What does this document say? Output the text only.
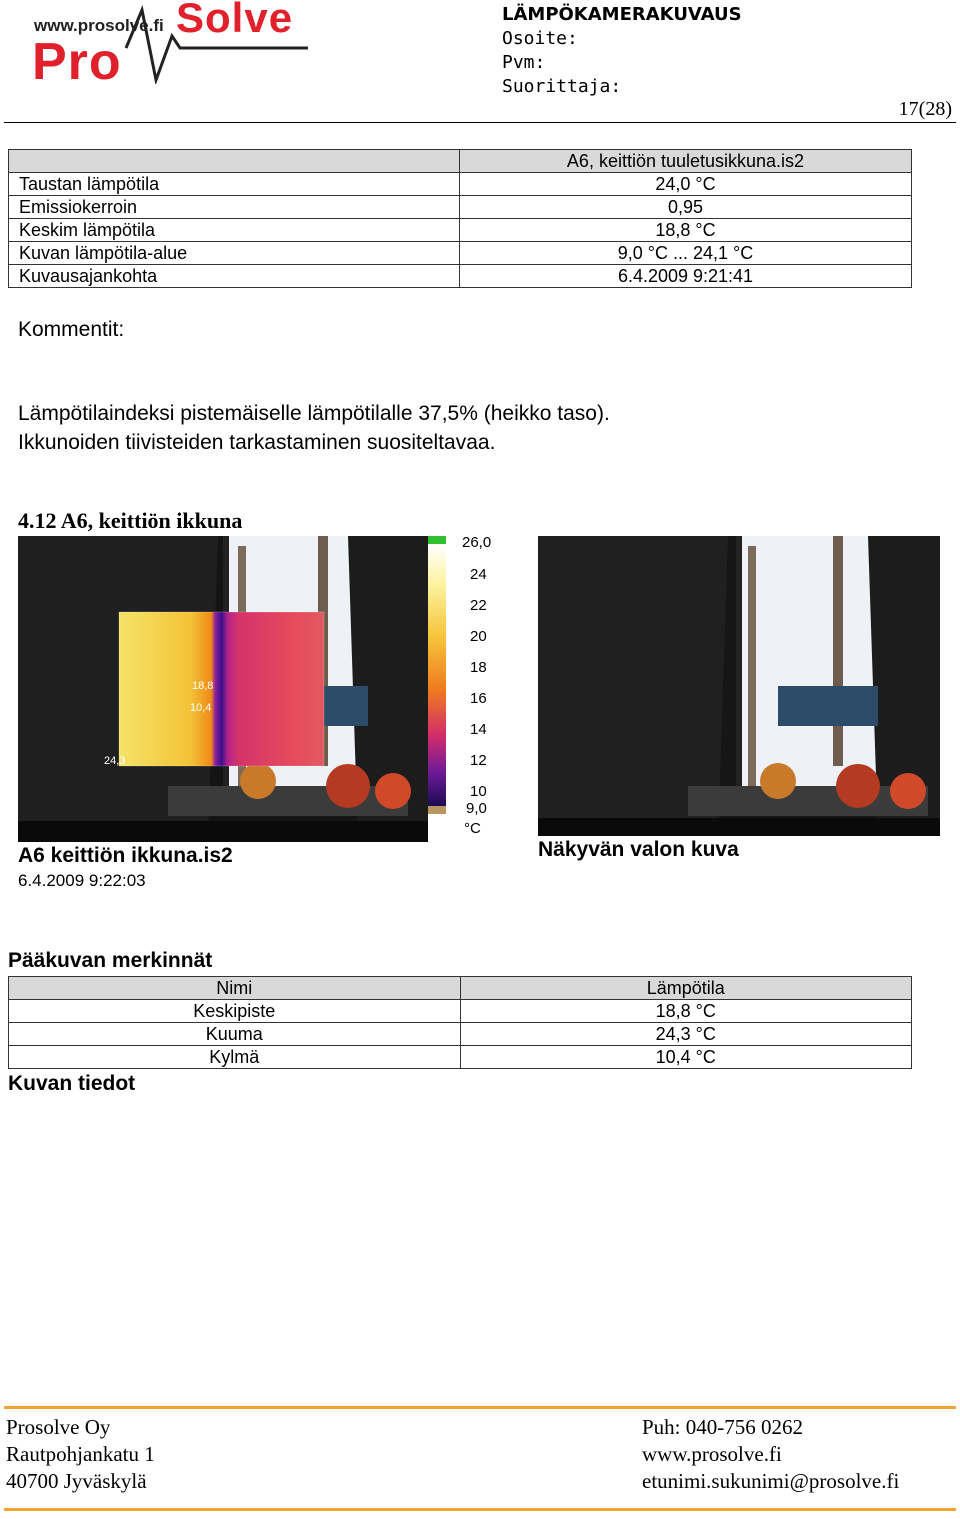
www.prosolve.fi Solve
Pro
LÄMPÖKAMERAKUVAUS
Osoite:
Pvm:
Suorittaja:
17(28)
	A6, keittiön tuuletusikkuna.is2
Taustan lämpötila	24,0 °C
Emissiokerroin	0,95
Keskim lämpötila	18,8 °C
Kuvan lämpötila-alue	9,0 °C ... 24,1 °C
Kuvausajankohta	6.4.2009 9:21:41
Kommentit:
Lämpötilaindeksi pistemäiselle lämpötilalle 37,5% (heikko taso).
Ikkunoiden tiivisteiden tarkastaminen suositeltavaa.
4.12 A6, keittiön ikkuna
18,8
10,4
24,3
26,0
24
22
20
18
16
14
12
10
9,0
°C
A6 keittiön ikkuna.is2
6.4.2009 9:22:03
Näkyvän valon kuva
Pääkuvan merkinnät
Nimi	Lämpötila
Keskipiste	18,8 °C
Kuuma	24,3 °C
Kylmä	10,4 °C
Kuvan tiedot
Prosolve Oy
Rautpohjankatu 1
40700 Jyväskylä
Puh: 040-756 0262
www.prosolve.fi
etunimi.sukunimi@prosolve.fi
